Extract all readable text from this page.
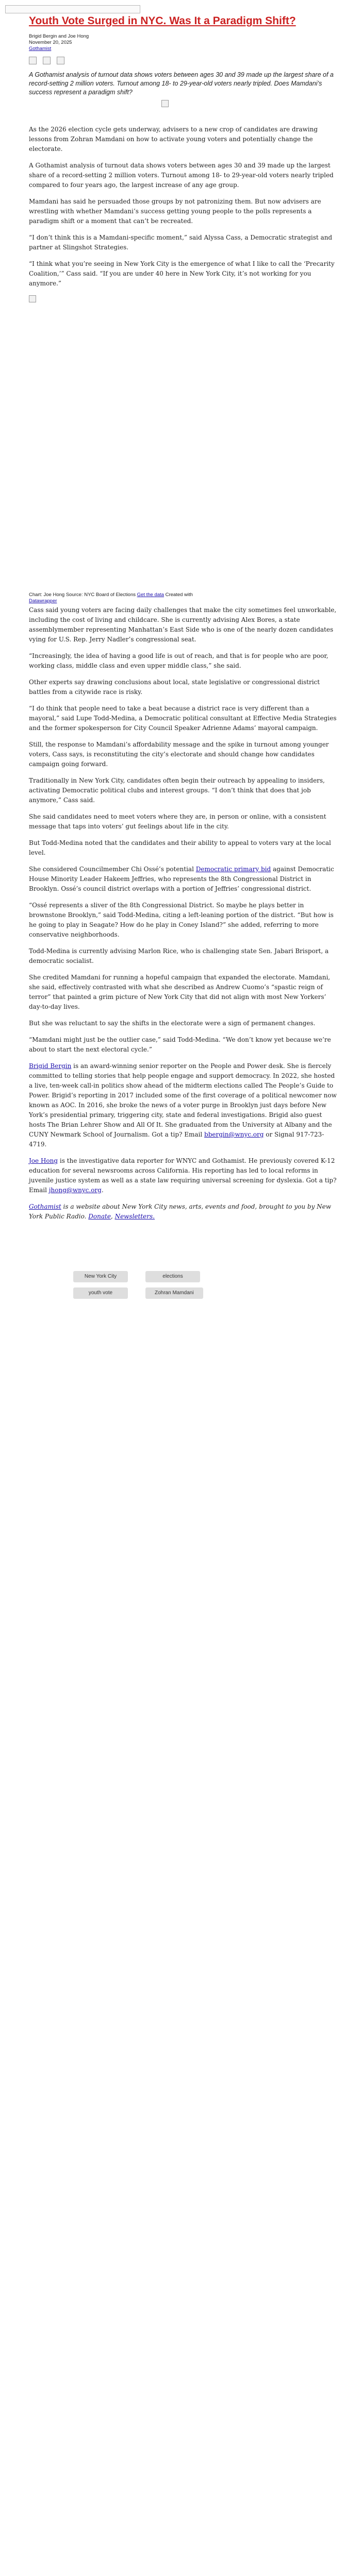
Youth Vote Surged in NYC. Was It a Paradigm Shift?
Brigid Bergin and Joe Hong
November 20, 2025
Gothamist

A Gothamist analysis of turnout data shows voters between ages 30 and 39 made up the largest share of a record-setting 2 million voters. Turnout among 18- to 29-year-old voters nearly tripled. Does Mamdani’s success represent a paradigm shift?

As the 2026 election cycle gets underway, advisers to a new crop of candidates are drawing lessons from Zohran Mamdani on how to activate young voters and potentially change the electorate.

A Gothamist analysis of turnout data shows voters between ages 30 and 39 made up the largest share of a record-setting 2 million voters. Turnout among 18- to 29-year-old voters nearly tripled compared to four years ago, the largest increase of any age group.

Mamdani has said he persuaded those groups by not patronizing them. But now advisers are wrestling with whether Mamdani’s success getting young people to the polls represents a paradigm shift or a moment that can’t be recreated.

“I don’t think this is a Mamdani-specific moment,” said Alyssa Cass, a Democratic strategist and partner at Slingshot Strategies.

“I think what you’re seeing in New York City is the emergence of what I like to call the ‘Precarity Coalition,’” Cass said. “If you are under 40 here in New York City, it’s not working for you anymore.”

Chart: Joe Hong Source: NYC Board of Elections Get the data Created with
Datawrapper

Cass said young voters are facing daily challenges that make the city sometimes feel unworkable, including the cost of living and childcare. She is currently advising Alex Bores, a state assemblymember representing Manhattan’s East Side who is one of the nearly dozen candidates vying for U.S. Rep. Jerry Nadler’s congressional seat.

“Increasingly, the idea of having a good life is out of reach, and that is for people who are poor, working class, middle class and even upper middle class,” she said.

Other experts say drawing conclusions about local, state legislative or congressional district battles from a citywide race is risky.

“I do think that people need to take a beat because a district race is very different than a mayoral,” said Lupe Todd-Medina, a Democratic political consultant at Effective Media Strategies and the former spokesperson for City Council Speaker Adrienne Adams’ mayoral campaign.

Still, the response to Mamdani’s affordability message and the spike in turnout among younger voters, Cass says, is reconstituting the city’s electorate and should change how candidates campaign going forward.

Traditionally in New York City, candidates often begin their outreach by appealing to insiders, activating Democratic political clubs and interest groups. “I don’t think that does that job anymore,” Cass said.

She said candidates need to meet voters where they are, in person or online, with a consistent message that taps into voters’ gut feelings about life in the city.

But Todd-Medina noted that the candidates and their ability to appeal to voters vary at the local level.

She considered Councilmember Chi Ossé’s potential Democratic primary bid against Democratic House Minority Leader Hakeem Jeffries, who represents the 8th Congressional District in Brooklyn. Ossé’s council district overlaps with a portion of Jeffries’ congressional district.

“Ossé represents a sliver of the 8th Congressional District. So maybe he plays better in brownstone Brooklyn,” said Todd-Medina, citing a left-leaning portion of the district. “But how is he going to play in Seagate? How do he play in Coney Island?” she added, referring to more conservative neighborhoods.

Todd-Medina is currently advising Marlon Rice, who is challenging state Sen. Jabari Brisport, a democratic socialist.

She credited Mamdani for running a hopeful campaign that expanded the electorate. Mamdani, she said, effectively contrasted with what she described as Andrew Cuomo’s “spastic reign of terror” that painted a grim picture of New York City that did not align with most New Yorkers’ day-to-day lives.

But she was reluctant to say the shifts in the electorate were a sign of permanent changes.

“Mamdani might just be the outlier case,” said Todd-Medina. “We don’t know yet because we’re about to start the next electoral cycle.”

Brigid Bergin is an award-winning senior reporter on the People and Power desk. She is fiercely committed to telling stories that help people engage and support democracy. In 2022, she hosted a live, ten-week call-in politics show ahead of the midterm elections called The People’s Guide to Power. Brigid’s reporting in 2017 included some of the first coverage of a political newcomer now known as AOC. In 2016, she broke the news of a voter purge in Brooklyn just days before New York’s presidential primary, triggering city, state and federal investigations. Brigid also guest hosts The Brian Lehrer Show and All Of It. She graduated from the University at Albany and the CUNY Newmark School of Journalism. Got a tip? Email bbergin@wnyc.org or Signal 917-723-4719.

Joe Hong is the investigative data reporter for WNYC and Gothamist. He previously covered K-12 education for several newsrooms across California. His reporting has led to local reforms in juvenile justice system as well as a state law requiring universal screening for dyslexia. Got a tip? Email jhong@wnyc.org.

Gothamist is a website about New York City news, arts, events and food, brought to you by New York Public Radio. Donate, Newsletters.

New York City	elections
youth vote	Zohran Mamdani
